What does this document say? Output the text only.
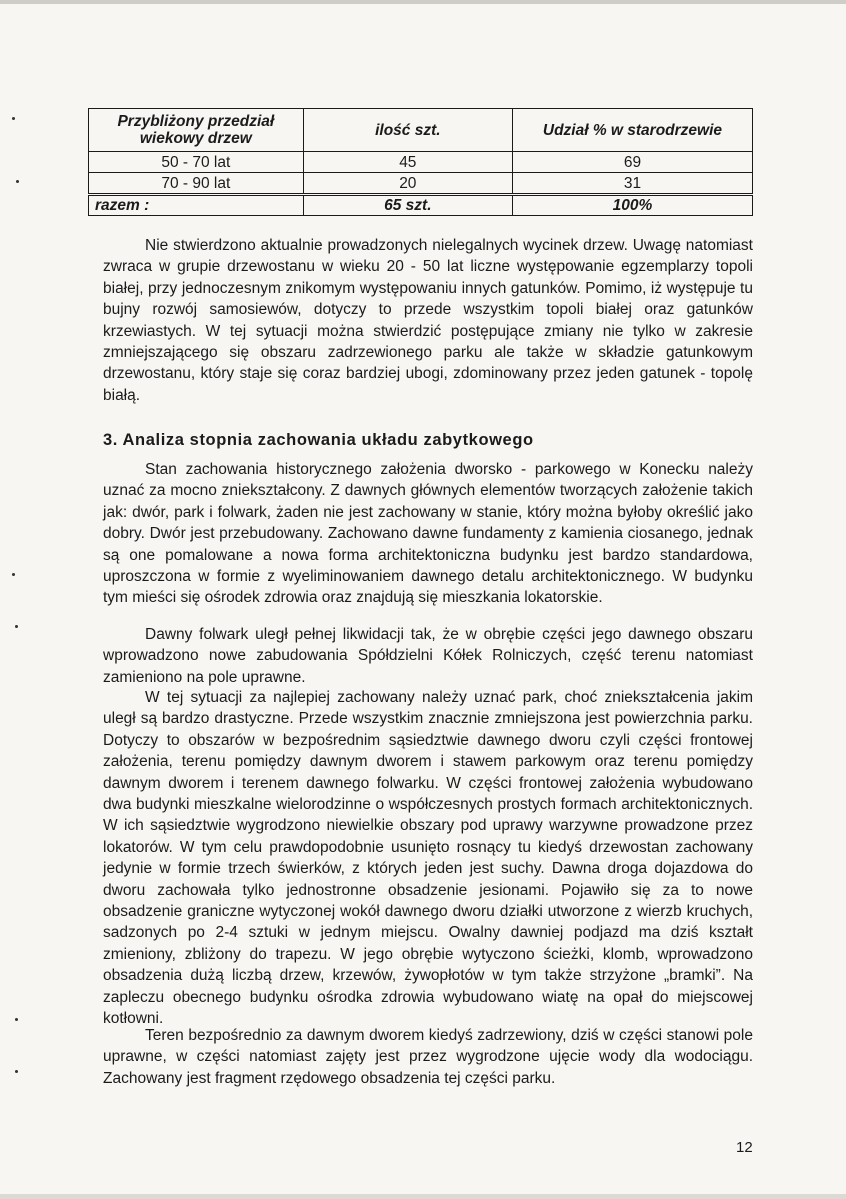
Przybliżony przedział wiekowy drzew	ilość szt.	Udział % w starodrzewie
50 - 70 lat	45	69
70 - 90 lat	20	31
razem :	65 szt.	100%

Nie stwierdzono aktualnie prowadzonych nielegalnych wycinek drzew. Uwagę natomiast zwraca w grupie drzewostanu w wieku 20 - 50 lat liczne występowanie egzemplarzy topoli białej, przy jednoczesnym znikomym występowaniu innych gatunków. Pomimo, iż występuje tu bujny rozwój samosiewów, dotyczy to przede wszystkim topoli białej oraz gatunków krzewiastych. W tej sytuacji można stwierdzić postępujące zmiany nie tylko w zakresie zmniejszającego się obszaru zadrzewionego parku ale także w składzie gatunkowym drzewostanu, który staje się coraz bardziej ubogi, zdominowany przez jeden gatunek - topolę białą.

3. Analiza stopnia zachowania układu zabytkowego

Stan zachowania historycznego założenia dworsko - parkowego w Konecku należy uznać za mocno zniekształcony. Z dawnych głównych elementów tworzących założenie takich jak: dwór, park i folwark, żaden nie jest zachowany w stanie, który można byłoby określić jako dobry. Dwór jest przebudowany. Zachowano dawne fundamenty z kamienia ciosanego, jednak są one pomalowane a nowa forma architektoniczna budynku jest bardzo standardowa, uproszczona w formie z wyeliminowaniem dawnego detalu architektonicznego. W budynku tym mieści się ośrodek zdrowia oraz znajdują się mieszkania lokatorskie.

Dawny folwark uległ pełnej likwidacji tak, że w obrębie części jego dawnego obszaru wprowadzono nowe zabudowania Spółdzielni Kółek Rolniczych, część terenu natomiast zamieniono na pole uprawne.

W tej sytuacji za najlepiej zachowany należy uznać park, choć zniekształcenia jakim uległ są bardzo drastyczne. Przede wszystkim znacznie zmniejszona jest powierzchnia parku. Dotyczy to obszarów w bezpośrednim sąsiedztwie dawnego dworu czyli części frontowej założenia, terenu pomiędzy dawnym dworem i stawem parkowym oraz terenu pomiędzy dawnym dworem i terenem dawnego folwarku. W części frontowej założenia wybudowano dwa budynki mieszkalne wielorodzinne o współczesnych prostych formach architektonicznych. W ich sąsiedztwie wygrodzono niewielkie obszary pod uprawy warzywne prowadzone przez lokatorów. W tym celu prawdopodobnie usunięto rosnący tu kiedyś drzewostan zachowany jedynie w formie trzech świerków, z których jeden jest suchy. Dawna droga dojazdowa do dworu zachowała tylko jednostronne obsadzenie jesionami. Pojawiło się za to nowe obsadzenie graniczne wytyczonej wokół dawnego dworu działki utworzone z wierzb kruchych, sadzonych po 2-4 sztuki w jednym miejscu. Owalny dawniej podjazd ma dziś kształt zmieniony, zbliżony do trapezu. W jego obrębie wytyczono ścieżki, klomb, wprowadzono obsadzenia dużą liczbą drzew, krzewów, żywopłotów w tym także strzyżone „bramki”. Na zapleczu obecnego budynku ośrodka zdrowia wybudowano wiatę na opał do miejscowej kotłowni.

Teren bezpośrednio za dawnym dworem kiedyś zadrzewiony, dziś w części stanowi pole uprawne, w części natomiast zajęty jest przez wygrodzone ujęcie wody dla wodociągu. Zachowany jest fragment rzędowego obsadzenia tej części parku.

12
